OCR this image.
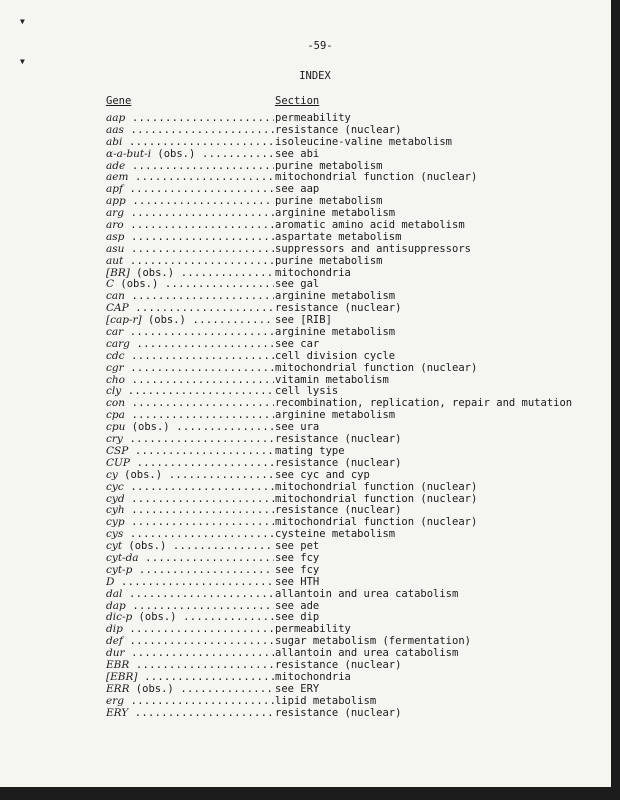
▼
▼
-59-
INDEX
Gene	Section
aap .....	permeability
aas .....	resistance (nuclear)
abi .....	isoleucine-valine metabolism
α-a-but-i (obs.) .....	see abi
ade .....	purine metabolism
aem .....	mitochondrial function (nuclear)
apf .....	see aap
app .....	purine metabolism
arg .....	arginine metabolism
aro .....	aromatic amino acid metabolism
asp .....	aspartate metabolism
asu .....	suppressors and antisuppressors
aut .....	purine metabolism
[BR] (obs.) .....	mitochondria
C (obs.) .....	see gal
can .....	arginine metabolism
CAP .....	resistance (nuclear)
[cap-r] (obs.) .....	see [RIB]
car .....	arginine metabolism
carg .....	see car
cdc .....	cell division cycle
cgr .....	mitochondrial function (nuclear)
cho .....	vitamin metabolism
cly .....	cell lysis
con .....	recombination, replication, repair and mutation
cpa .....	arginine metabolism
cpu (obs.) .....	see ura
cry .....	resistance (nuclear)
CSP .....	mating type
CUP .....	resistance (nuclear)
cy (obs.) .....	see cyc and cyp
cyc .....	mitochondrial function (nuclear)
cyd .....	mitochondrial function (nuclear)
cyh .....	resistance (nuclear)
cyp .....	mitochondrial function (nuclear)
cys .....	cysteine metabolism
cyt (obs.) .....	see pet
cyt-da .....	see fcy
cyt-p .....	see fcy
D .....	see HTH
dal .....	allantoin and urea catabolism
dap .....	see ade
dic-p (obs.) .....	see dip
dip .....	permeability
def .....	sugar metabolism (fermentation)
dur .....	allantoin and urea catabolism
EBR .....	resistance (nuclear)
[EBR] .....	mitochondria
ERR (obs.) .....	see ERY
erg .....	lipid metabolism
ERY .....	resistance (nuclear)
